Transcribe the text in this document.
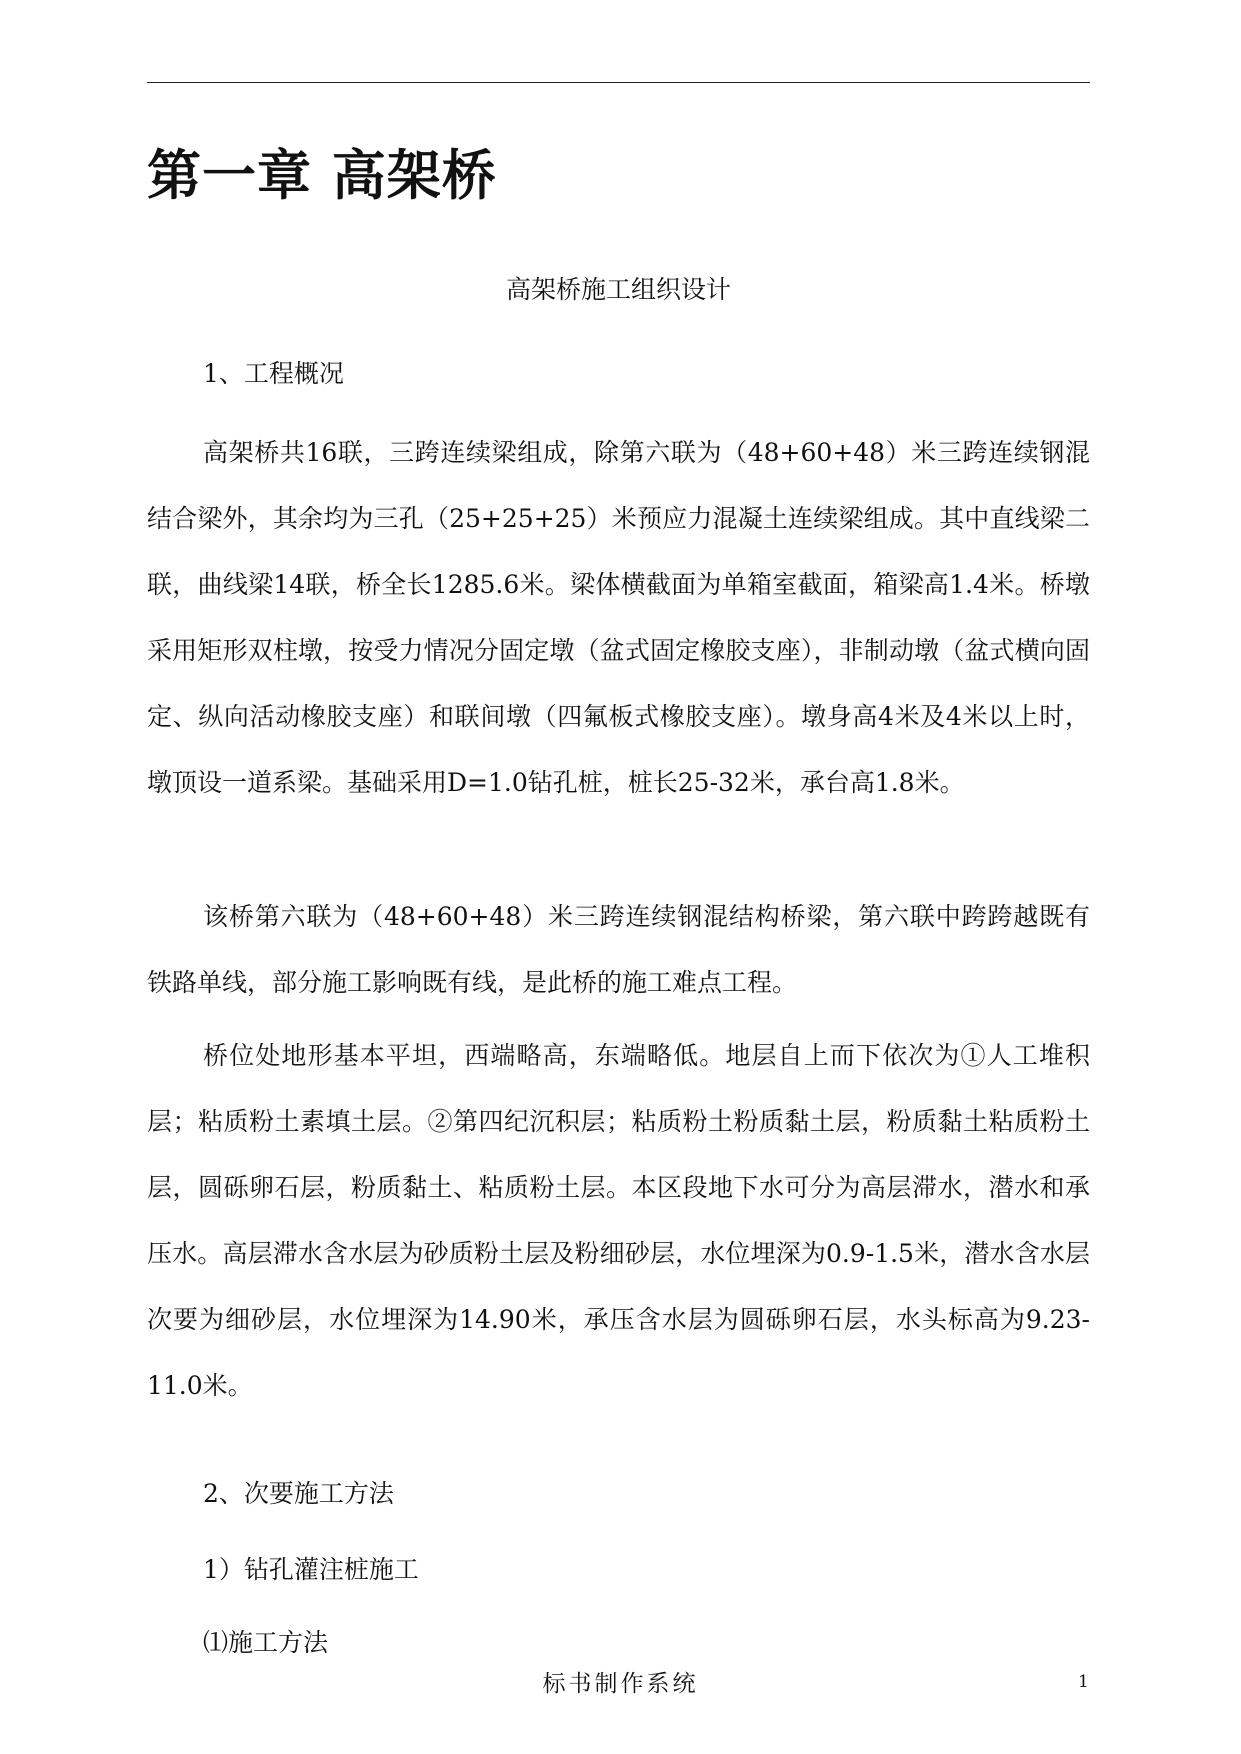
第一章 高架桥

高架桥施工组织设计

1、工程概况

高架桥共16联，三跨连续梁组成，除第六联为（48+60+48）米三跨连续钢混结合梁外，其余均为三孔（25+25+25）米预应力混凝土连续梁组成。其中直线梁二联，曲线梁14联，桥全长1285.6米。梁体横截面为单箱室截面，箱梁高1.4米。桥墩采用矩形双柱墩，按受力情况分固定墩（盆式固定橡胶支座），非制动墩（盆式横向固定、纵向活动橡胶支座）和联间墩（四氟板式橡胶支座）。墩身高4米及4米以上时，墩顶设一道系梁。基础采用D=1.0钻孔桩，桩长25-32米，承台高1.8米。

该桥第六联为（48+60+48）米三跨连续钢混结构桥梁，第六联中跨跨越既有铁路单线，部分施工影响既有线，是此桥的施工难点工程。

桥位处地形基本平坦，西端略高，东端略低。地层自上而下依次为①人工堆积层；粘质粉土素填土层。②第四纪沉积层；粘质粉土粉质黏土层，粉质黏土粘质粉土层，圆砾卵石层，粉质黏土、粘质粉土层。本区段地下水可分为高层滞水，潜水和承压水。高层滞水含水层为砂质粉土层及粉细砂层，水位埋深为0.9-1.5米，潜水含水层次要为细砂层，水位埋深为14.90米，承压含水层为圆砾卵石层，水头标高为9.23-11.0米。

2、次要施工方法

1）钻孔灌注桩施工

⑴施工方法

标书制作系统	1
